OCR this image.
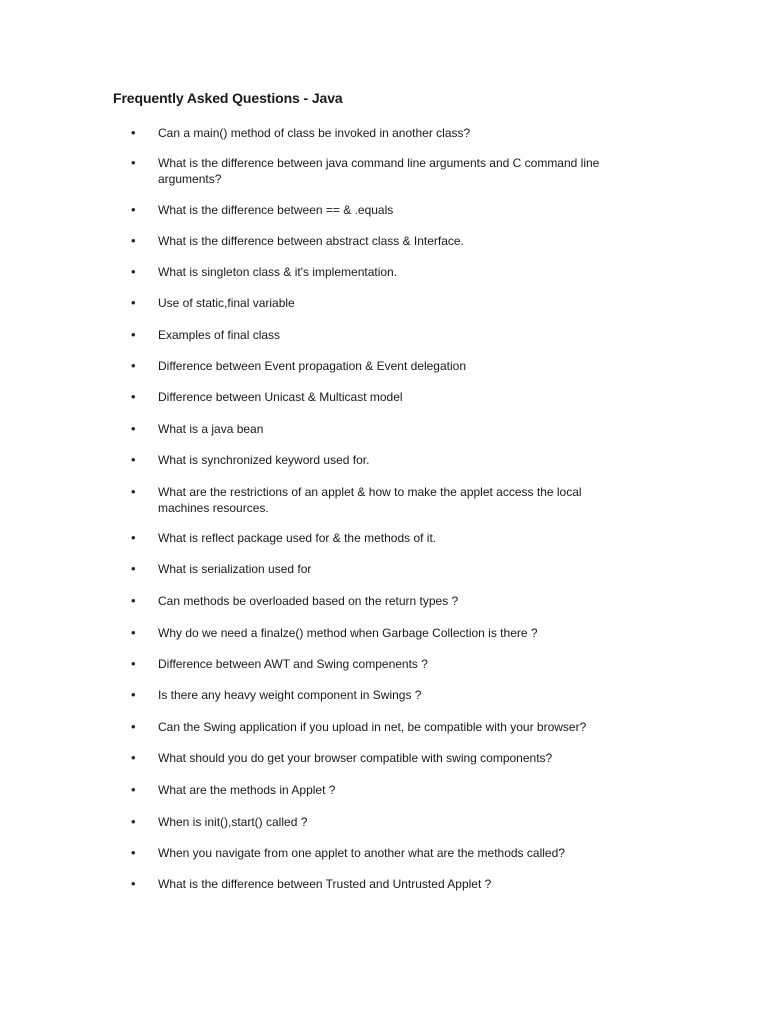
Frequently Asked Questions - Java
• Can a main() method of class be invoked in another class?
• What is the difference between java command line arguments and C command line
arguments?
• What is the difference between == & .equals
• What is the difference between abstract class & Interface.
• What is singleton class & it's implementation.
• Use of static,final variable
• Examples of final class
• Difference between Event propagation & Event delegation
• Difference between Unicast & Multicast model
• What is a java bean
• What is synchronized keyword used for.
• What are the restrictions of an applet & how to make the applet access the local
machines resources.
• What is reflect package used for & the methods of it.
• What is serialization used for
• Can methods be overloaded based on the return types ?
• Why do we need a finalze() method when Garbage Collection is there ?
• Difference between AWT and Swing compenents ?
• Is there any heavy weight component in Swings ?
• Can the Swing application if you upload in net, be compatible with your browser?
• What should you do get your browser compatible with swing components?
• What are the methods in Applet ?
• When is init(),start() called ?
• When you navigate from one applet to another what are the methods called?
• What is the difference between Trusted and Untrusted Applet ?
